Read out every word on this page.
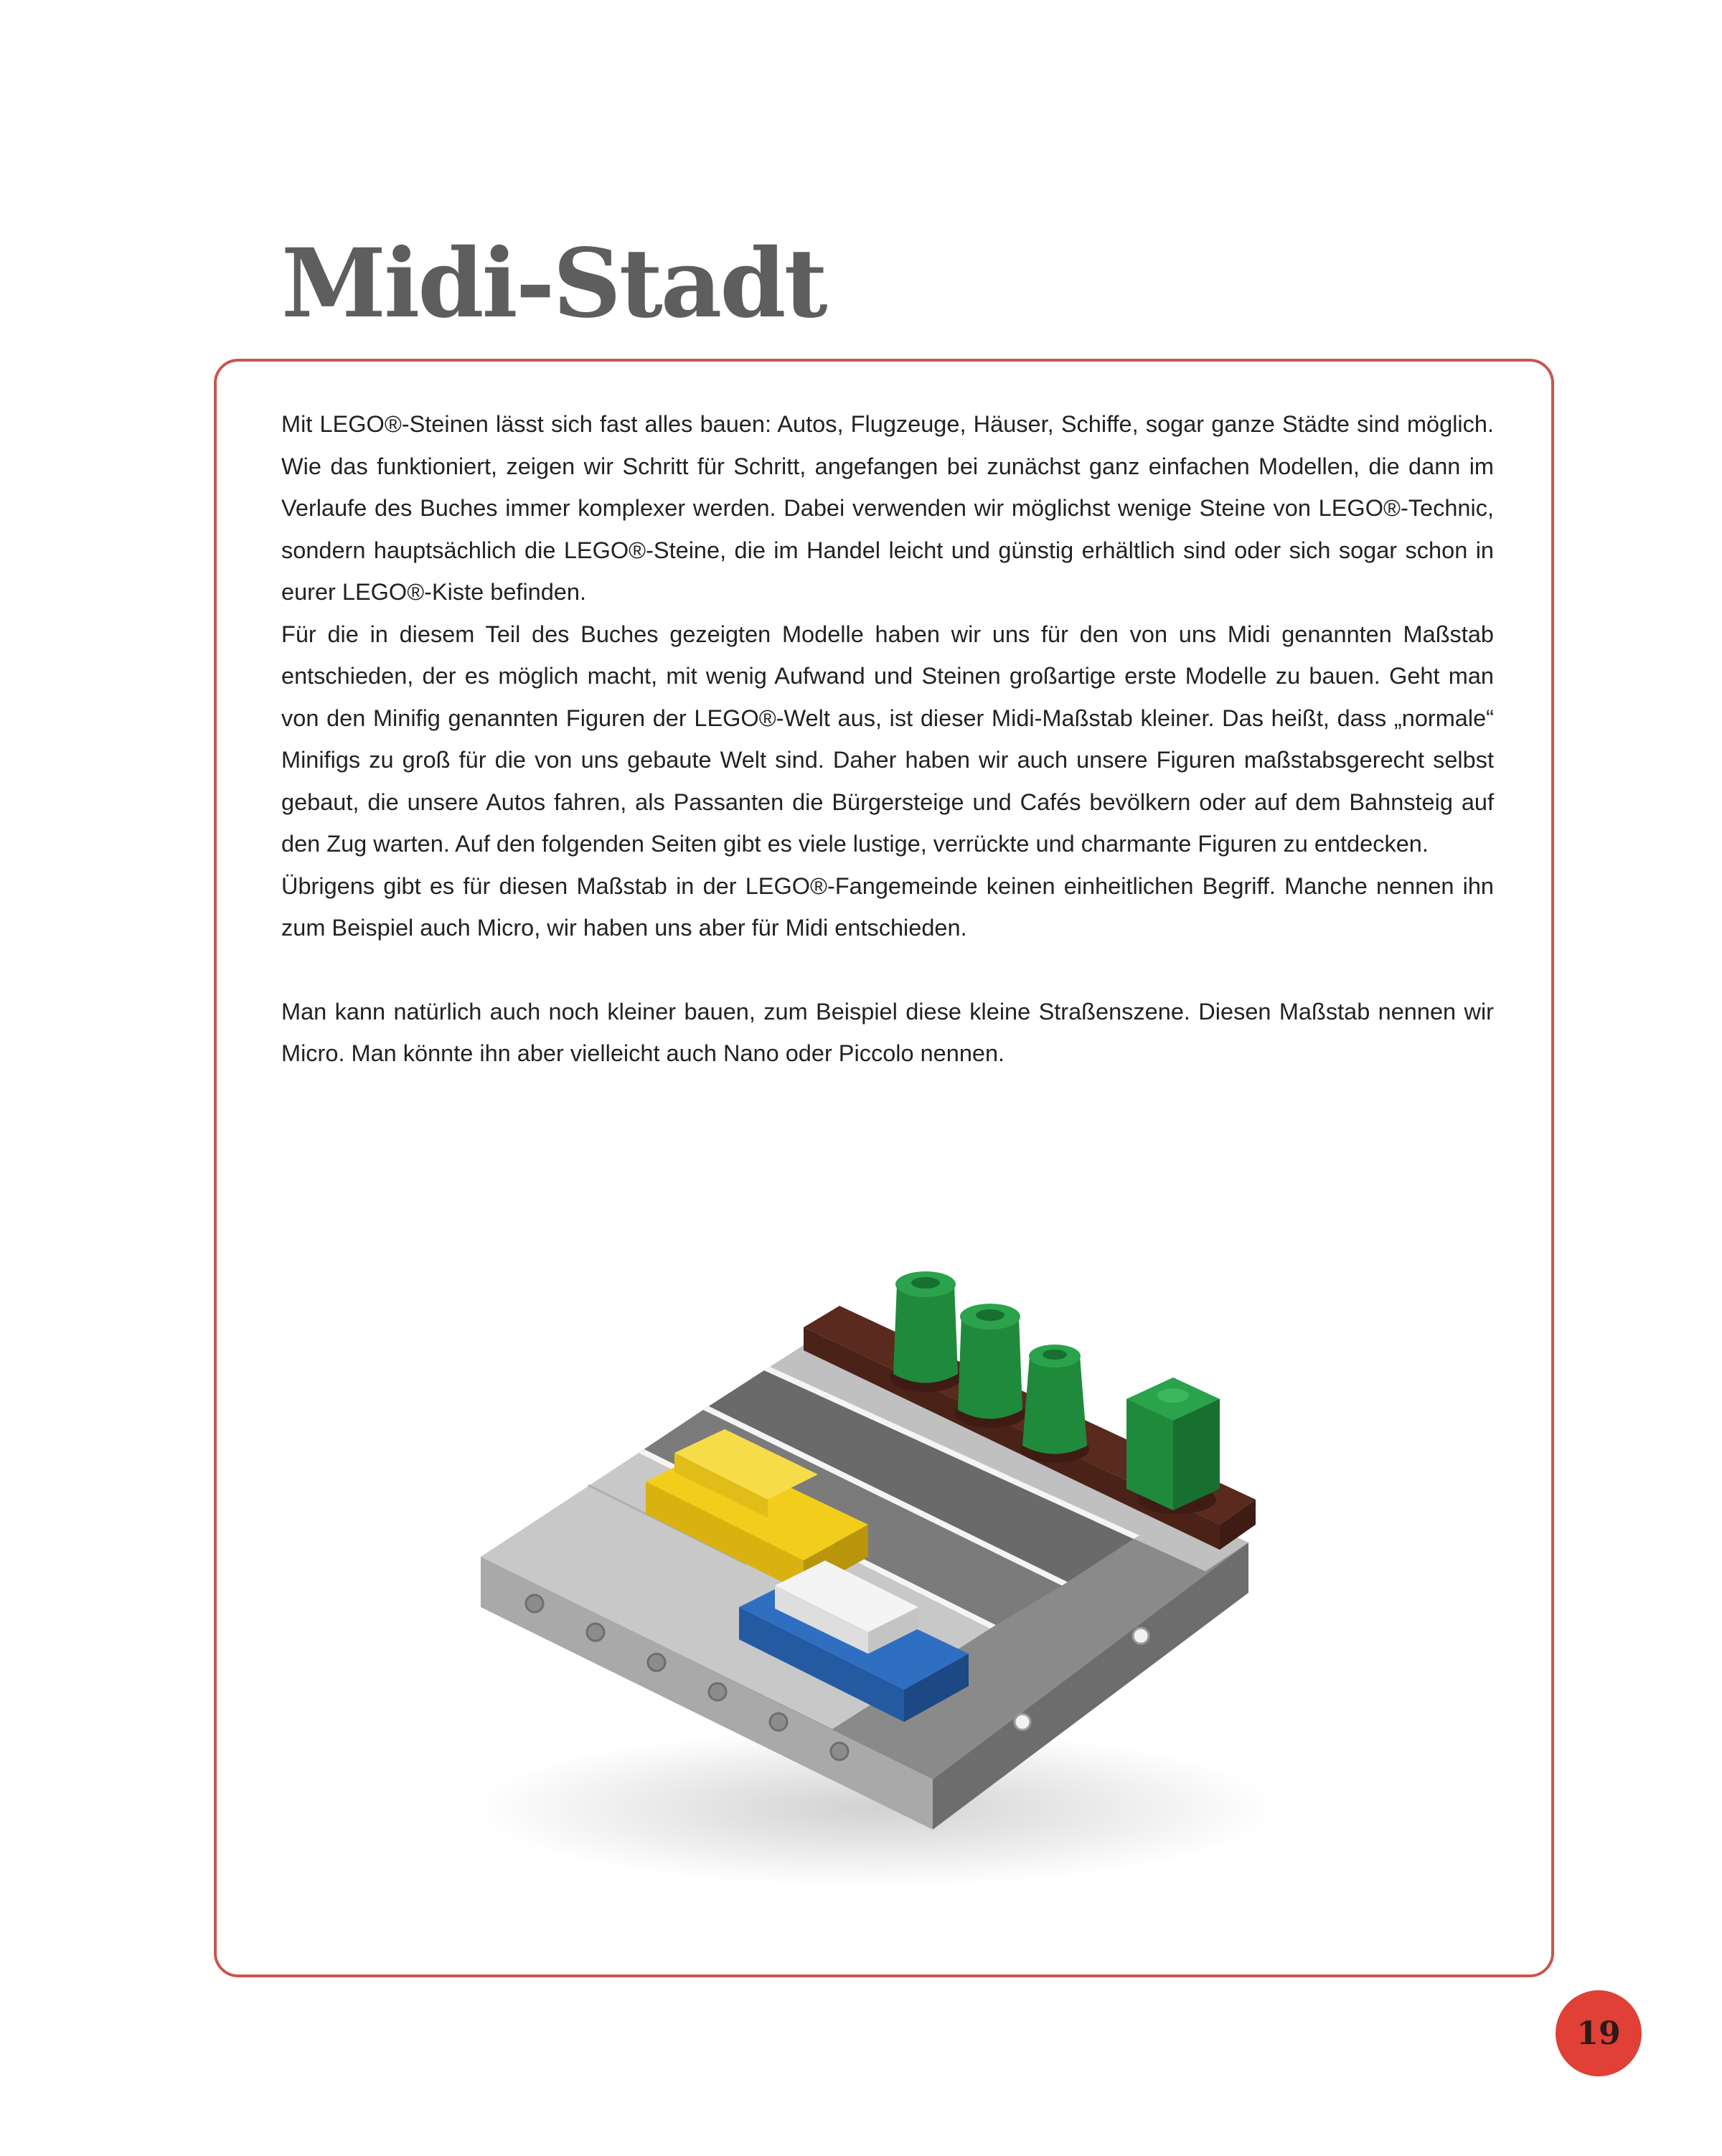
Midi-Stadt

Mit LEGO®-Steinen lässt sich fast alles bauen: Autos, Flugzeuge, Häuser, Schiffe, sogar ganze Städte sind möglich. Wie das funktioniert, zeigen wir Schritt für Schritt, angefangen bei zunächst ganz einfachen Modellen, die dann im Verlaufe des Buches immer komplexer werden. Dabei verwenden wir möglichst wenige Steine von LEGO®-Technic, sondern hauptsächlich die LEGO®-Steine, die im Handel leicht und günstig erhältlich sind oder sich sogar schon in eurer LEGO®-Kiste befinden.

Für die in diesem Teil des Buches gezeigten Modelle haben wir uns für den von uns Midi genannten Maßstab entschieden, der es möglich macht, mit wenig Aufwand und Steinen großartige erste Modelle zu bauen. Geht man von den Minifig genannten Figuren der LEGO®-Welt aus, ist dieser Midi-Maßstab kleiner. Das heißt, dass „normale“ Minifigs zu groß für die von uns gebaute Welt sind. Daher haben wir auch unsere Figuren maßstabsgerecht selbst gebaut, die unsere Autos fahren, als Passanten die Bürgersteige und Cafés bevölkern oder auf dem Bahnsteig auf den Zug warten. Auf den folgenden Seiten gibt es viele lustige, verrückte und charmante Figuren zu entdecken.

Übrigens gibt es für diesen Maßstab in der LEGO®-Fangemeinde keinen einheitlichen Begriff. Manche nennen ihn zum Beispiel auch Micro, wir haben uns aber für Midi entschieden.

Man kann natürlich auch noch kleiner bauen, zum Beispiel diese kleine Straßenszene. Diesen Maßstab nennen wir Micro. Man könnte ihn aber vielleicht auch Nano oder Piccolo nennen.

19
